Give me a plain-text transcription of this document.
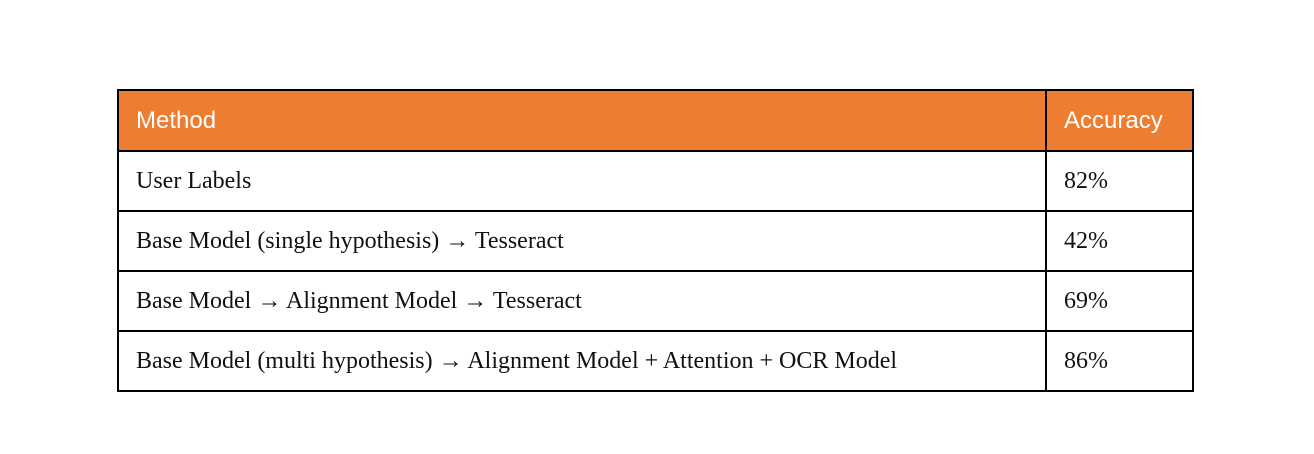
Method	Accuracy
User Labels	82%
Base Model (single hypothesis) → Tesseract	42%
Base Model → Alignment Model → Tesseract	69%
Base Model (multi hypothesis) → Alignment Model + Attention + OCR Model	86%
